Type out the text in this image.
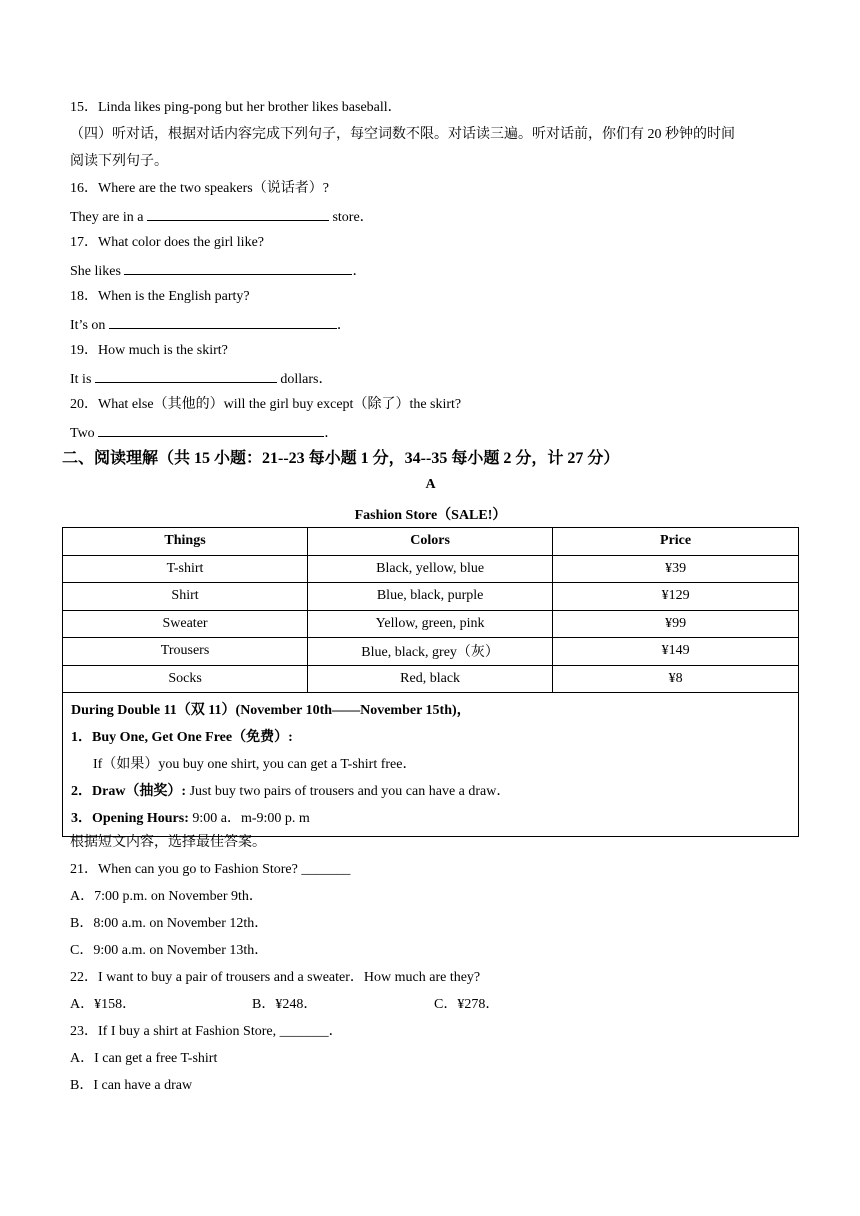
15．Linda likes ping-pong but her brother likes baseball．
（四）听对话，根据对话内容完成下列句子，每空词数不限。对话读三遍。听对话前，你们有 20 秒钟的时间
阅读下列句子。
16．Where are the two speakers（说话者）?
They are in a	store．
17．What color does the girl like?
She likes	．
18．When is the English party?
It’s on	．
19．How much is the skirt?
It is	dollars．
20．What else（其他的）will the girl buy except（除了）the skirt?
Two	．
二、阅读理解（共 15 小题：21--23 每小题 1 分，34--35 每小题 2 分，计 27 分）
A
Fashion Store（SALE!）
Things	Colors	Price
T-shirt	Black, yellow, blue	¥39
Shirt	Blue, black, purple	¥129
Sweater	Yellow, green, pink	¥99
Trousers	Blue, black, grey（灰）	¥149
Socks	Red, black	¥8

During Double 11（双 11）(November 10th——November 15th)，
1．Buy One, Get One Free（免费）:
If（如果）you buy one shirt, you can get a T-shirt free．
2．Draw（抽奖）: Just buy two pairs of trousers and you can have a draw．
3．Opening Hours: 9:00 a．m-9:00 p. m		
根据短文内容，选择最佳答案。
21．When can you go to Fashion Store? _______
A．7:00 p.m. on November 9th．
B．8:00 a.m. on November 12th．
C．9:00 a.m. on November 13th．
22．I want to buy a pair of trousers and a sweater．How much are they?
A．¥158．	B．¥248．	C．¥278．
23．If I buy a shirt at Fashion Store, _______．
A．I can get a free T-shirt
B．I can have a draw
